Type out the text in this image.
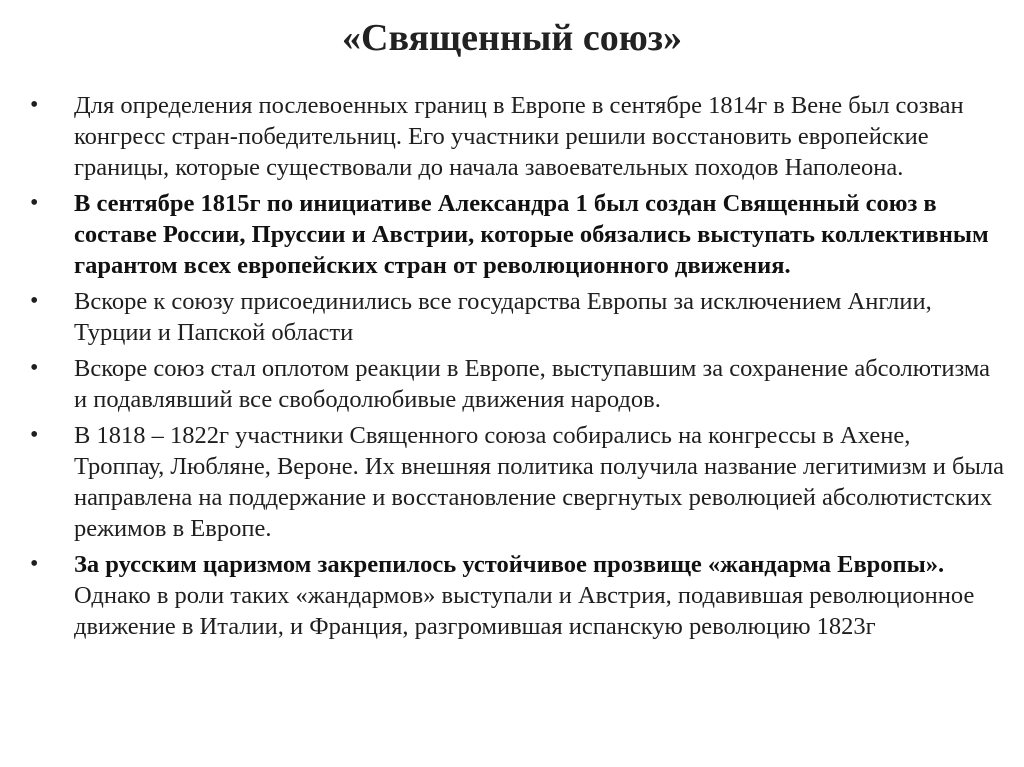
«Священный союз»
• Для определения послевоенных границ в Европе в сентябре 1814г в Вене был созван конгресс стран-победительниц. Его участники решили восстановить европейские границы, которые существовали до начала завоевательных походов Наполеона.
• В сентябре 1815г по инициативе Александра 1 был создан Священный союз в составе России, Пруссии и Австрии, которые обязались выступать коллективным гарантом всех европейских стран от революционного движения.
• Вскоре к союзу присоединились все государства Европы за исключением Англии, Турции и Папской области
• Вскоре союз стал оплотом реакции в Европе, выступавшим за сохранение абсолютизма и подавлявший все свободолюбивые движения народов.
• В 1818 – 1822г участники Священного союза собирались на конгрессы в Ахене, Троппау, Любляне, Вероне. Их внешняя политика получила название легитимизм и была направлена на поддержание и восстановление свергнутых революцией абсолютистских режимов в Европе.
• За русским царизмом закрепилось устойчивое прозвище «жандарма Европы». Однако в роли таких «жандармов» выступали и Австрия, подавившая революционное движение в Италии, и Франция, разгромившая испанскую революцию 1823г
